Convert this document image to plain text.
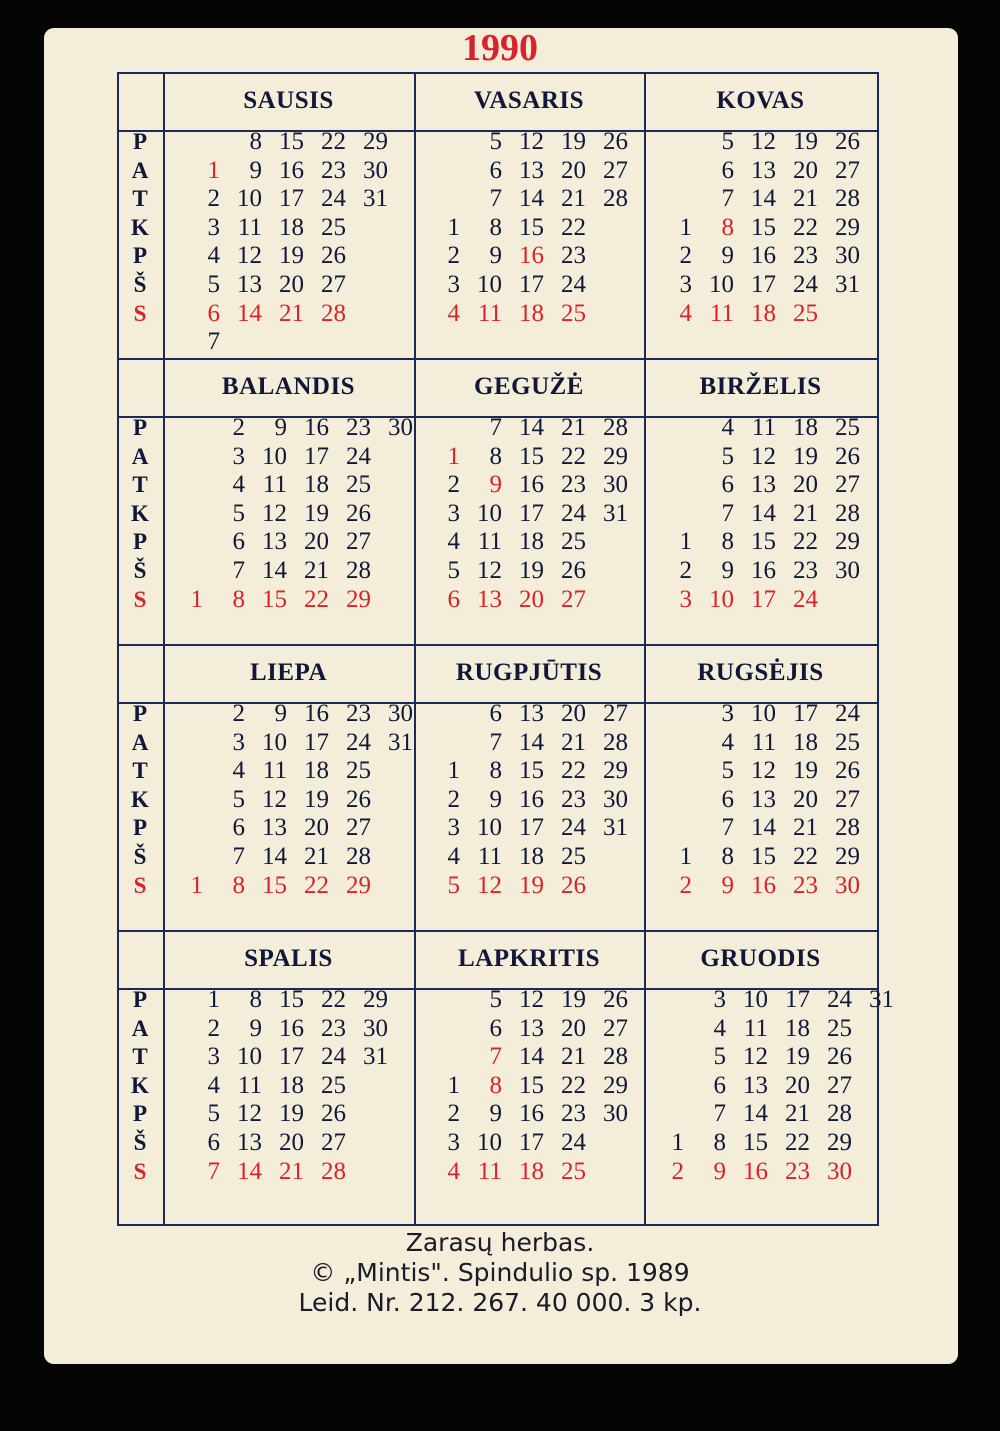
1990
P
A
T
K
P
Š
S
SAUSIS
1
2
3
4
5
6
7
8
9
10
11
12
13
14
15
16
17
18
19
20
21
22
23
24
25
26
27
28
29
30
31
VASARIS
1
2
3
4
5
6
7
8
9
10
11
12
13
14
15
16
17
18
19
20
21
22
23
24
25
26
27
28
KOVAS
1
2
3
4
5
6
7
8
9
10
11
12
13
14
15
16
17
18
19
20
21
22
23
24
25
26
27
28
29
30
31
P
A
T
K
P
Š
S
BALANDIS
1
2
3
4
5
6
7
8
9
10
11
12
13
14
15
16
17
18
19
20
21
22
23
24
25
26
27
28
29
30
GEGUŽĖ
1
2
3
4
5
6
7
8
9
10
11
12
13
14
15
16
17
18
19
20
21
22
23
24
25
26
27
28
29
30
31
BIRŽELIS
1
2
3
4
5
6
7
8
9
10
11
12
13
14
15
16
17
18
19
20
21
22
23
24
25
26
27
28
29
30
P
A
T
K
P
Š
S
LIEPA
1
2
3
4
5
6
7
8
9
10
11
12
13
14
15
16
17
18
19
20
21
22
23
24
25
26
27
28
29
30
31
RUGPJŪTIS
1
2
3
4
5
6
7
8
9
10
11
12
13
14
15
16
17
18
19
20
21
22
23
24
25
26
27
28
29
30
31
RUGSĖJIS
1
2
3
4
5
6
7
8
9
10
11
12
13
14
15
16
17
18
19
20
21
22
23
24
25
26
27
28
29
30
P
A
T
K
P
Š
S
SPALIS
1
2
3
4
5
6
7
8
9
10
11
12
13
14
15
16
17
18
19
20
21
22
23
24
25
26
27
28
29
30
31
LAPKRITIS
1
2
3
4
5
6
7
8
9
10
11
12
13
14
15
16
17
18
19
20
21
22
23
24
25
26
27
28
29
30
GRUODIS
1
2
3
4
5
6
7
8
9
10
11
12
13
14
15
16
17
18
19
20
21
22
23
24
25
26
27
28
29
30
31
Zarasų herbas.
© „Mintis". Spindulio sp. 1989
Leid. Nr. 212. 267. 40 000. 3 kp.
